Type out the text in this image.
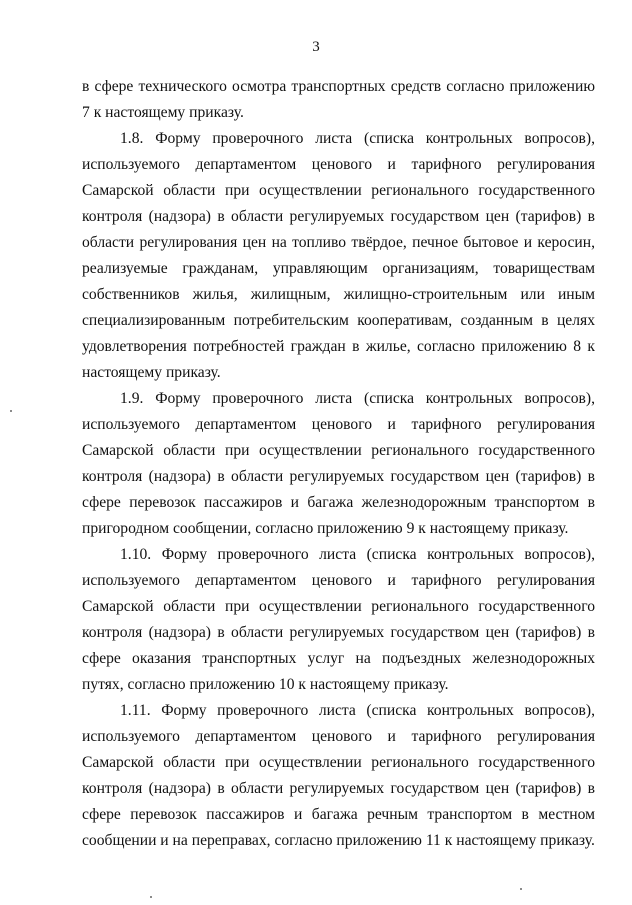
3

в сфере технического осмотра транспортных средств согласно приложению 7 к настоящему приказу.

1.8. Форму проверочного листа (списка контрольных вопросов), используемого департаментом ценового и тарифного регулирования Самарской области при осуществлении регионального государственного контроля (надзора) в области регулируемых государством цен (тарифов) в области регулирования цен на топливо твёрдое, печное бытовое и керосин, реализуемые гражданам, управляющим организациям, товариществам собственников жилья, жилищным, жилищно-строительным или иным специализированным потребительским кооперативам, созданным в целях удовлетворения потребностей граждан в жилье, согласно приложению 8 к настоящему приказу.

1.9. Форму проверочного листа (списка контрольных вопросов), используемого департаментом ценового и тарифного регулирования Самарской области при осуществлении регионального государственного контроля (надзора) в области регулируемых государством цен (тарифов) в сфере перевозок пассажиров и багажа железнодорожным транспортом в пригородном сообщении, согласно приложению 9 к настоящему приказу.

1.10. Форму проверочного листа (списка контрольных вопросов), используемого департаментом ценового и тарифного регулирования Самарской области при осуществлении регионального государственного контроля (надзора) в области регулируемых государством цен (тарифов) в сфере оказания транспортных услуг на подъездных железнодорожных путях, согласно приложению 10 к настоящему приказу.

1.11. Форму проверочного листа (списка контрольных вопросов), используемого департаментом ценового и тарифного регулирования Самарской области при осуществлении регионального государственного контроля (надзора) в области регулируемых государством цен (тарифов) в сфере перевозок пассажиров и багажа речным транспортом в местном сообщении и на переправах, согласно приложению 11 к настоящему приказу.
